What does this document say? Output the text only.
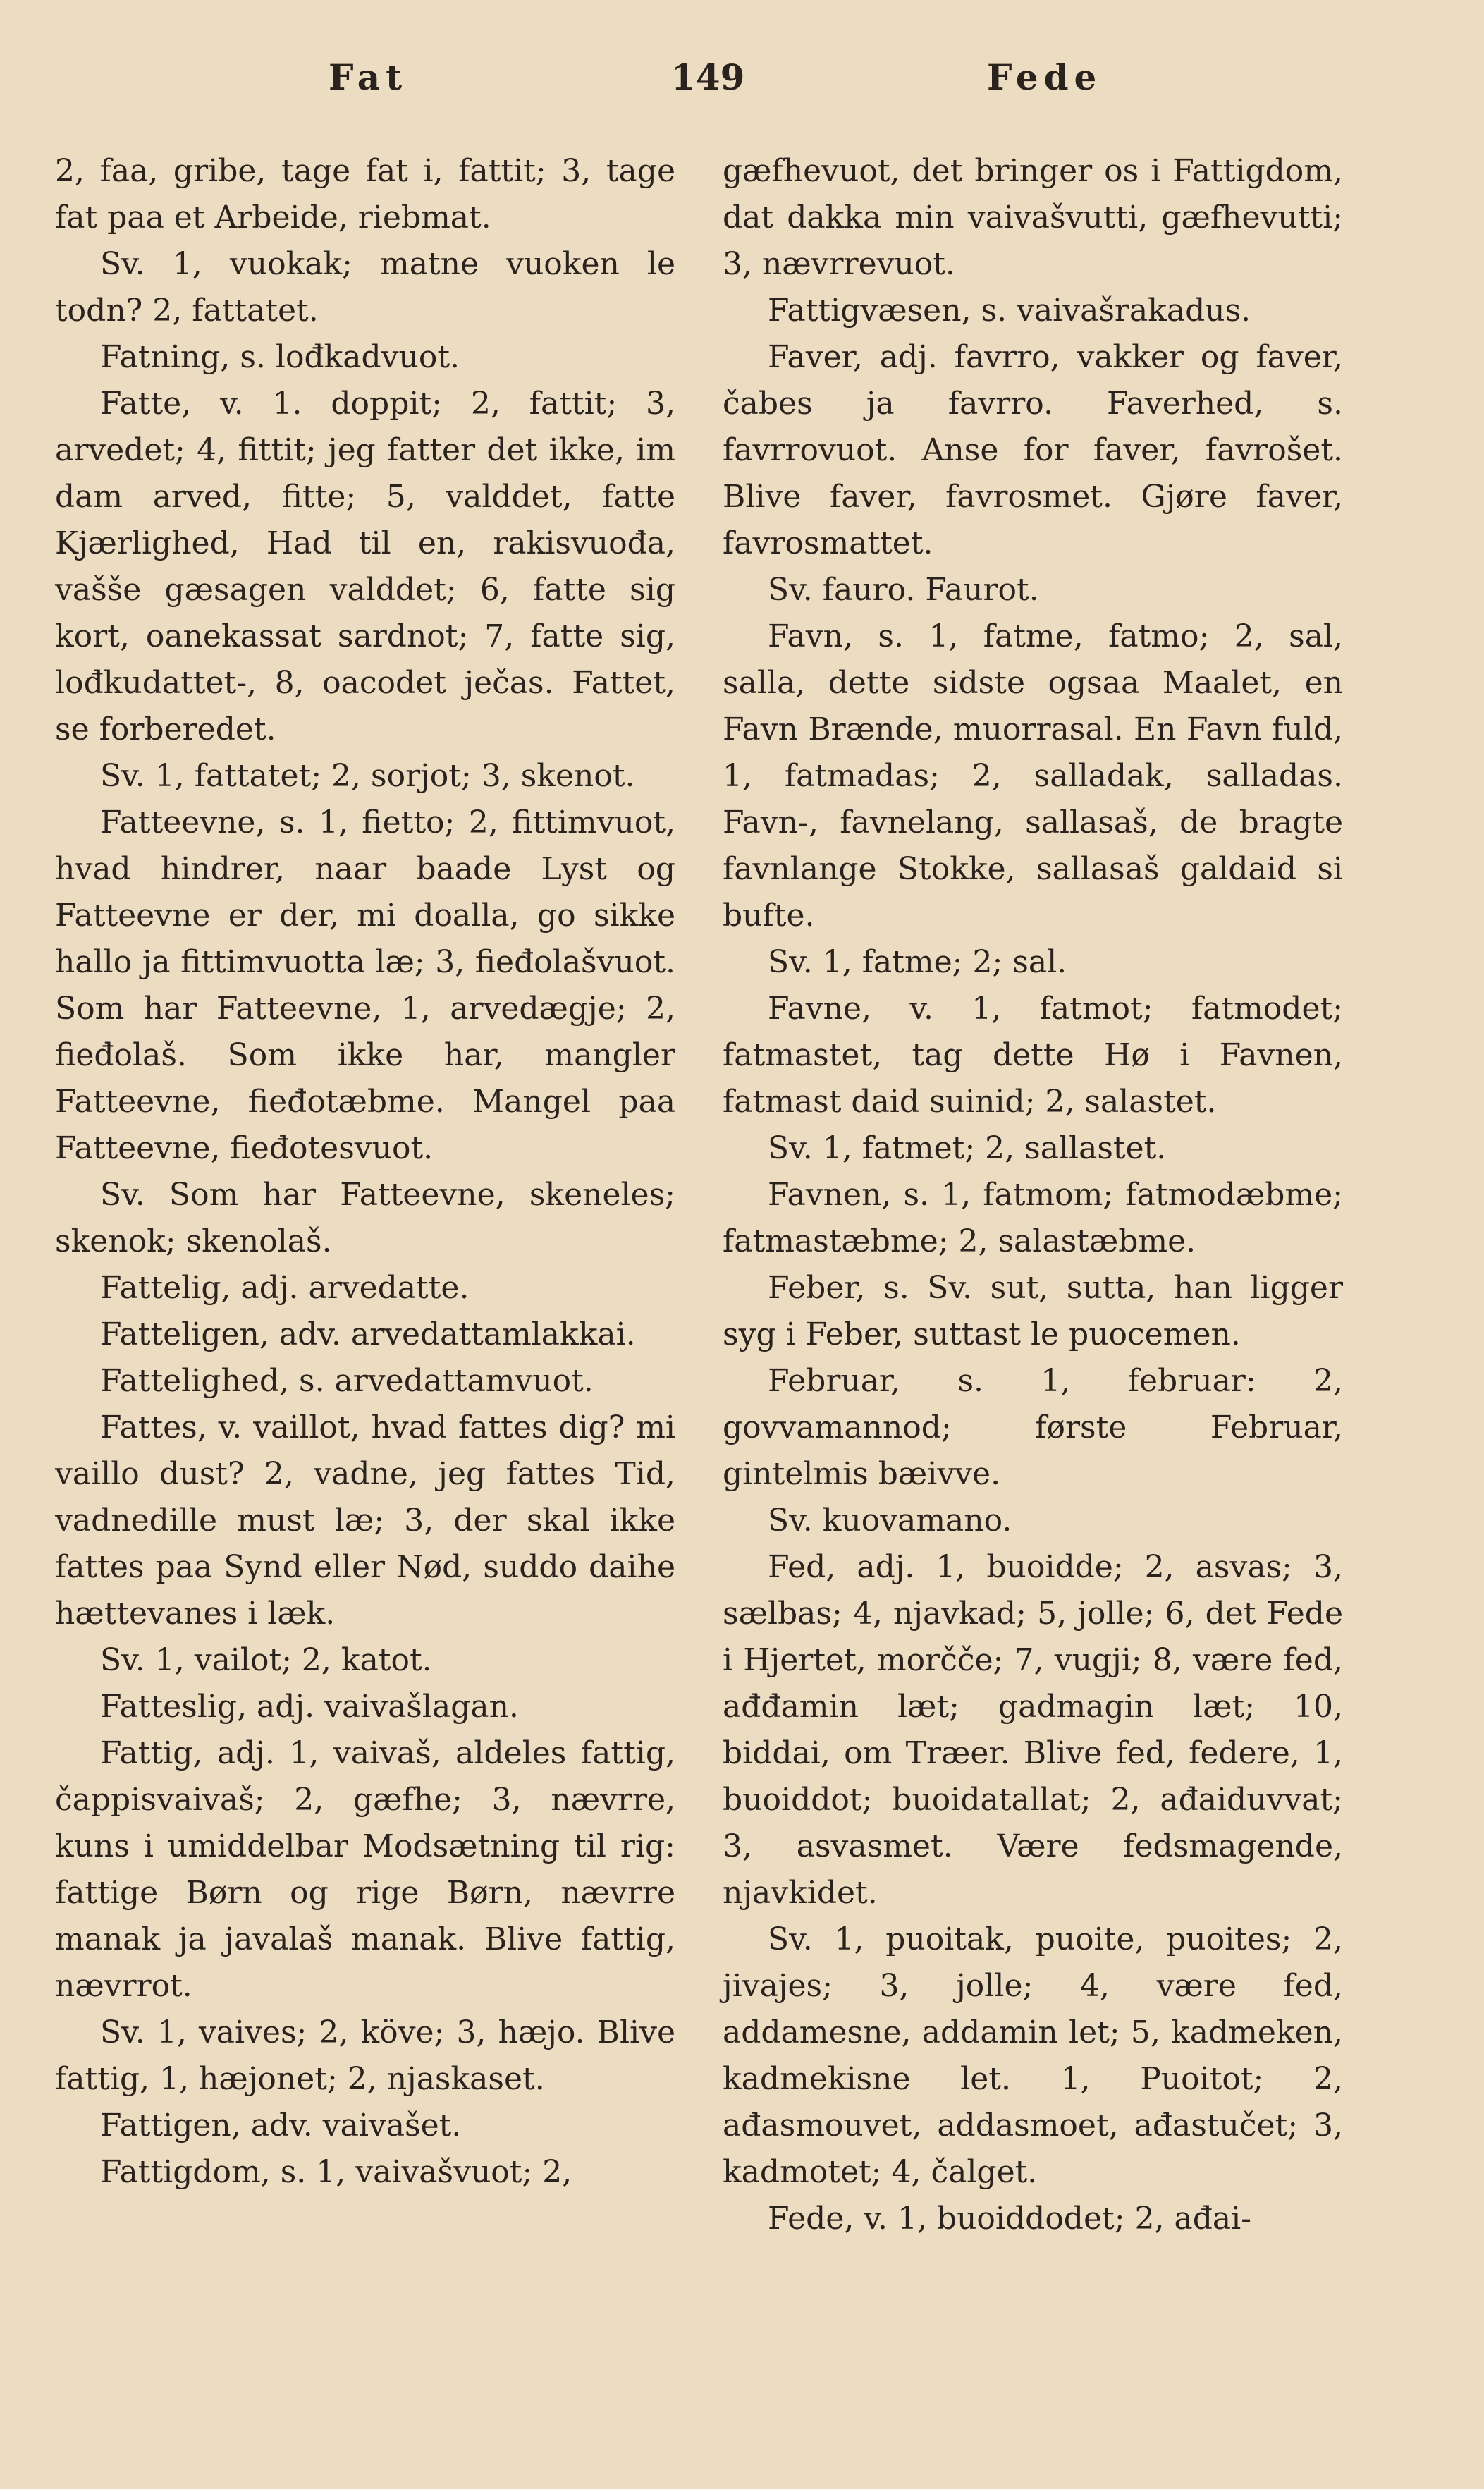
Fat	149	Fede

2, faa, gribe, tage fat i, fattit; 3, tage fat paa et Arbeide, riebmat.

Sv. 1, vuokak; matne vuoken le todn? 2, fattatet.

Fatning, s. lođkadvuot.

Fatte, v. 1. doppit; 2, fattit; 3, arvedet; 4, fittit; jeg fatter det ikke, im dam arved, fitte; 5, valddet, fatte Kjærlighed, Had til en, rakisvuođa, vaššе gæsagen valddet; 6, fatte sig kort, oanekassat sardnot; 7, fatte sig, lođkudattet-, 8, oacodet ječas. Fattet, se forberedet.

Sv. 1, fattatet; 2, sorjot; 3, skenot.

Fatteevne, s. 1, fietto; 2, fittimvuot, hvad hindrer, naar baade Lyst og Fatteevne er der, mi doalla, go sikke hallo ja fittimvuotta læ; 3, fieđolašvuot. Som har Fatteevne, 1, arvedægje; 2, fieđolaš. Som ikke har, mangler Fatteevne, fieđotæbme. Mangel paa Fatteevne, fieđotesvuot.

Sv. Som har Fatteevne, skeneles; skenok; skenolaš.

Fattelig, adj. arvedatte.

Fatteligen, adv. arvedattamlakkai.

Fattelighed, s. arvedattamvuot.

Fattes, v. vaillot, hvad fattes dig? mi vaillo dust? 2, vadne, jeg fattes Tid, vadnedille must læ; 3, der skal ikke fattes paa Synd eller Nød, suddo daihe hættevanes i læk.

Sv. 1, vailot; 2, katot.

Fatteslig, adj. vaivašlagan.

Fattig, adj. 1, vaivaš, aldeles fattig, čappisvaivaš; 2, gæfhe; 3, nævrre, kuns i umiddelbar Modsætning til rig: fattige Børn og rige Børn, nævrre manak ja javalaš manak. Blive fattig, nævrrot.

Sv. 1, vaives; 2, köve; 3, hæjo. Blive fattig, 1, hæjonet; 2, njaskaset.

Fattigen, adv. vaivašet.

Fattigdom, s. 1, vaivašvuot; 2,

gæfhevuot, det bringer os i Fattigdom, dat dakka min vaivašvutti, gæfhevutti; 3, nævrrevuot.

Fattigvæsen, s. vaivašrakadus.

Faver, adj. favrro, vakker og faver, čabes ja favrro. Faverhed, s. favrrovuot. Anse for faver, favrošet. Blive faver, favrosmet. Gjøre faver, favrosmattet.

Sv. fauro. Faurot.

Favn, s. 1, fatme, fatmo; 2, sal, salla, dette sidste ogsaa Maalet, en Favn Brænde, muorrasal. En Favn fuld, 1, fatmadas; 2, salladak, salladas. Favn-, favnelang, sallasaš, de bragte favnlange Stokke, sallasaš galdaid si bufte.

Sv. 1, fatme; 2; sal.

Favne, v. 1, fatmot; fatmodet; fatmastet, tag dette Hø i Favnen, fatmast daid suinid; 2, salastet.

Sv. 1, fatmet; 2, sallastet.

Favnen, s. 1, fatmom; fatmodæbme; fatmastæbme; 2, salastæbme.

Feber, s. Sv. sut, sutta, han ligger syg i Feber, suttast le puocemen.

Februar, s. 1, februar: 2, govvamannod; første Februar, gintelmis bæivve.

Sv. kuovamano.

Fed, adj. 1, buoidde; 2, asvas; 3, sælbas; 4, njavkad; 5, jolle; 6, det Fede i Hjertet, morčče; 7, vugji; 8, være fed, ađđamin læt; gadmagin læt; 10, biddai, om Træer. Blive fed, federe, 1, buoiddot; buoidatallat; 2, ađaiduvvat; 3, asvasmet. Være fedsmagende, njavkidet.

Sv. 1, puoitak, puoite, puoites; 2, jivajes; 3, jolle; 4, være fed, addamesne, addamin let; 5, kadmeken, kadmekisne let. 1, Puoitot; 2, ađasmouvet, addasmoet, ađastučet; 3, kadmotet; 4, čalget.

Fede, v. 1, buoiddodet; 2, ađai-
